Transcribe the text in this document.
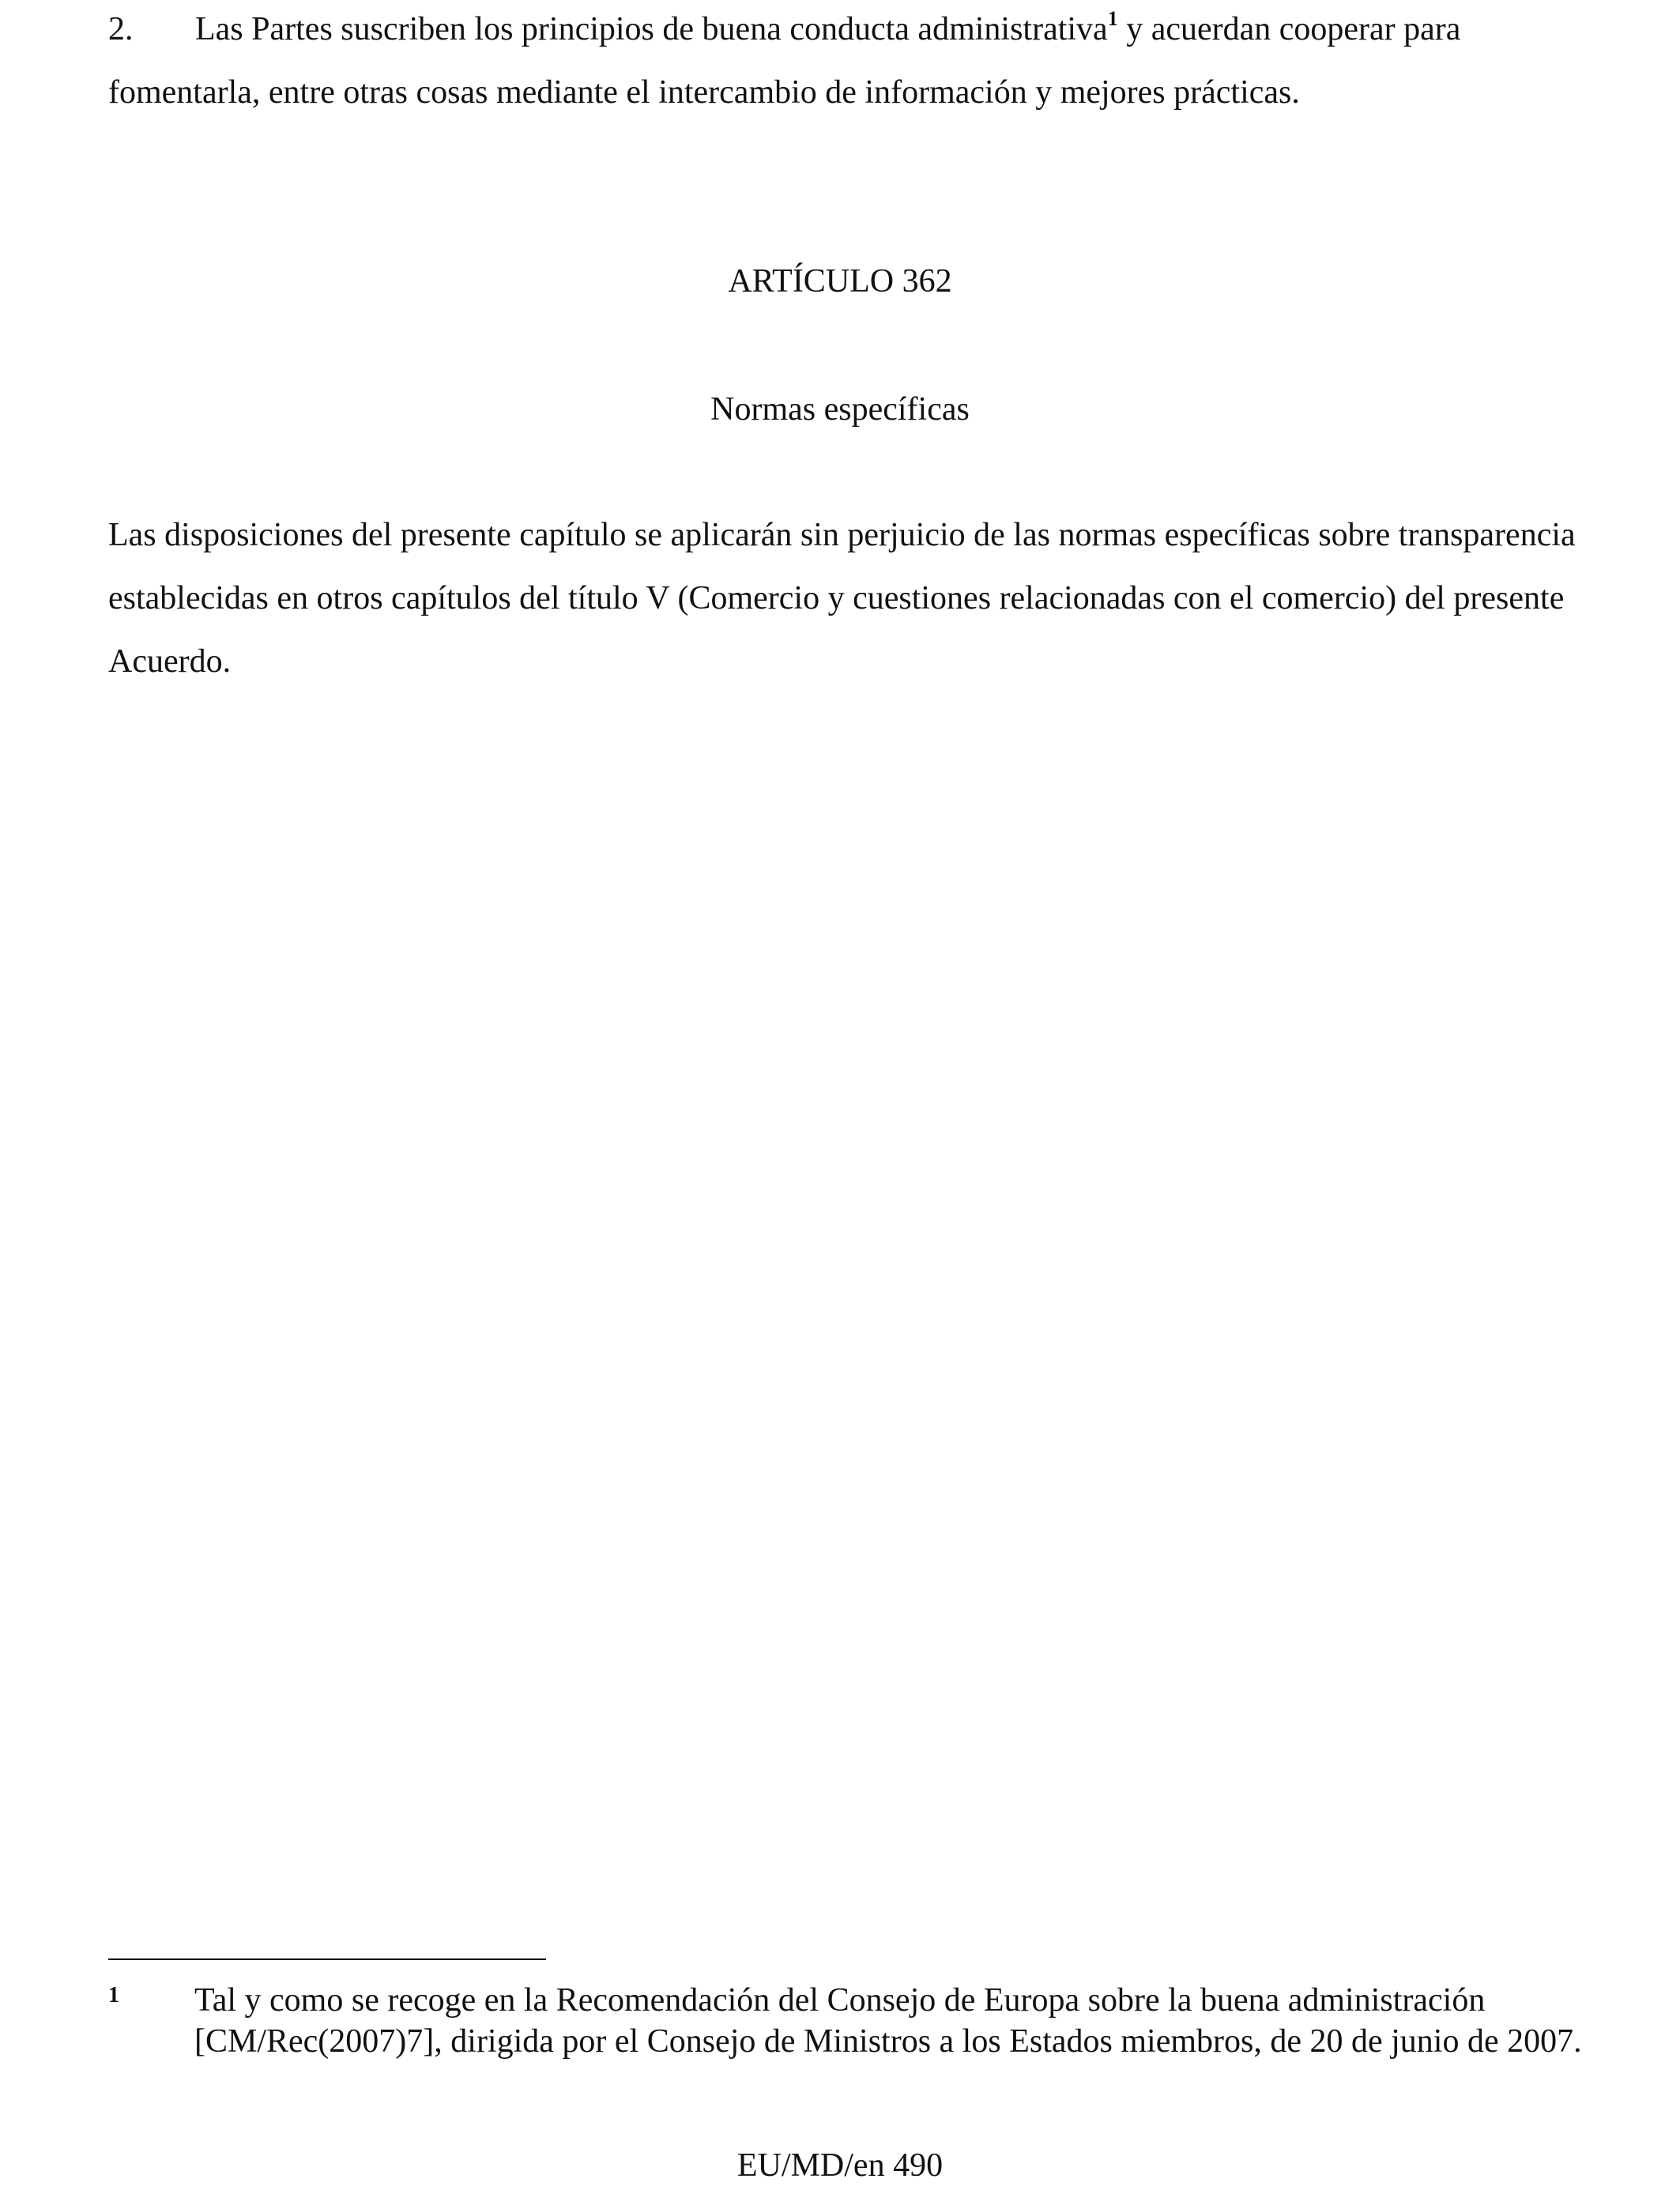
2. Las Partes suscriben los principios de buena conducta administrativa$^1$ y acuerdan cooperar para fomentarla, entre otras cosas mediante el intercambio de información y mejores prácticas.

ARTÍCULO 362
Normas específicas

Las disposiciones del presente capítulo se aplicarán sin perjuicio de las normas específicas sobre transparencia establecidas en otros capítulos del título V (Comercio y cuestiones relacionadas con el comercio) del presente Acuerdo.

1 Tal y como se recoge en la Recomendación del Consejo de Europa sobre la buena administración [CM/Rec(2007)7], dirigida por el Consejo de Ministros a los Estados miembros, de 20 de junio de 2007.
EU/MD/en 490
